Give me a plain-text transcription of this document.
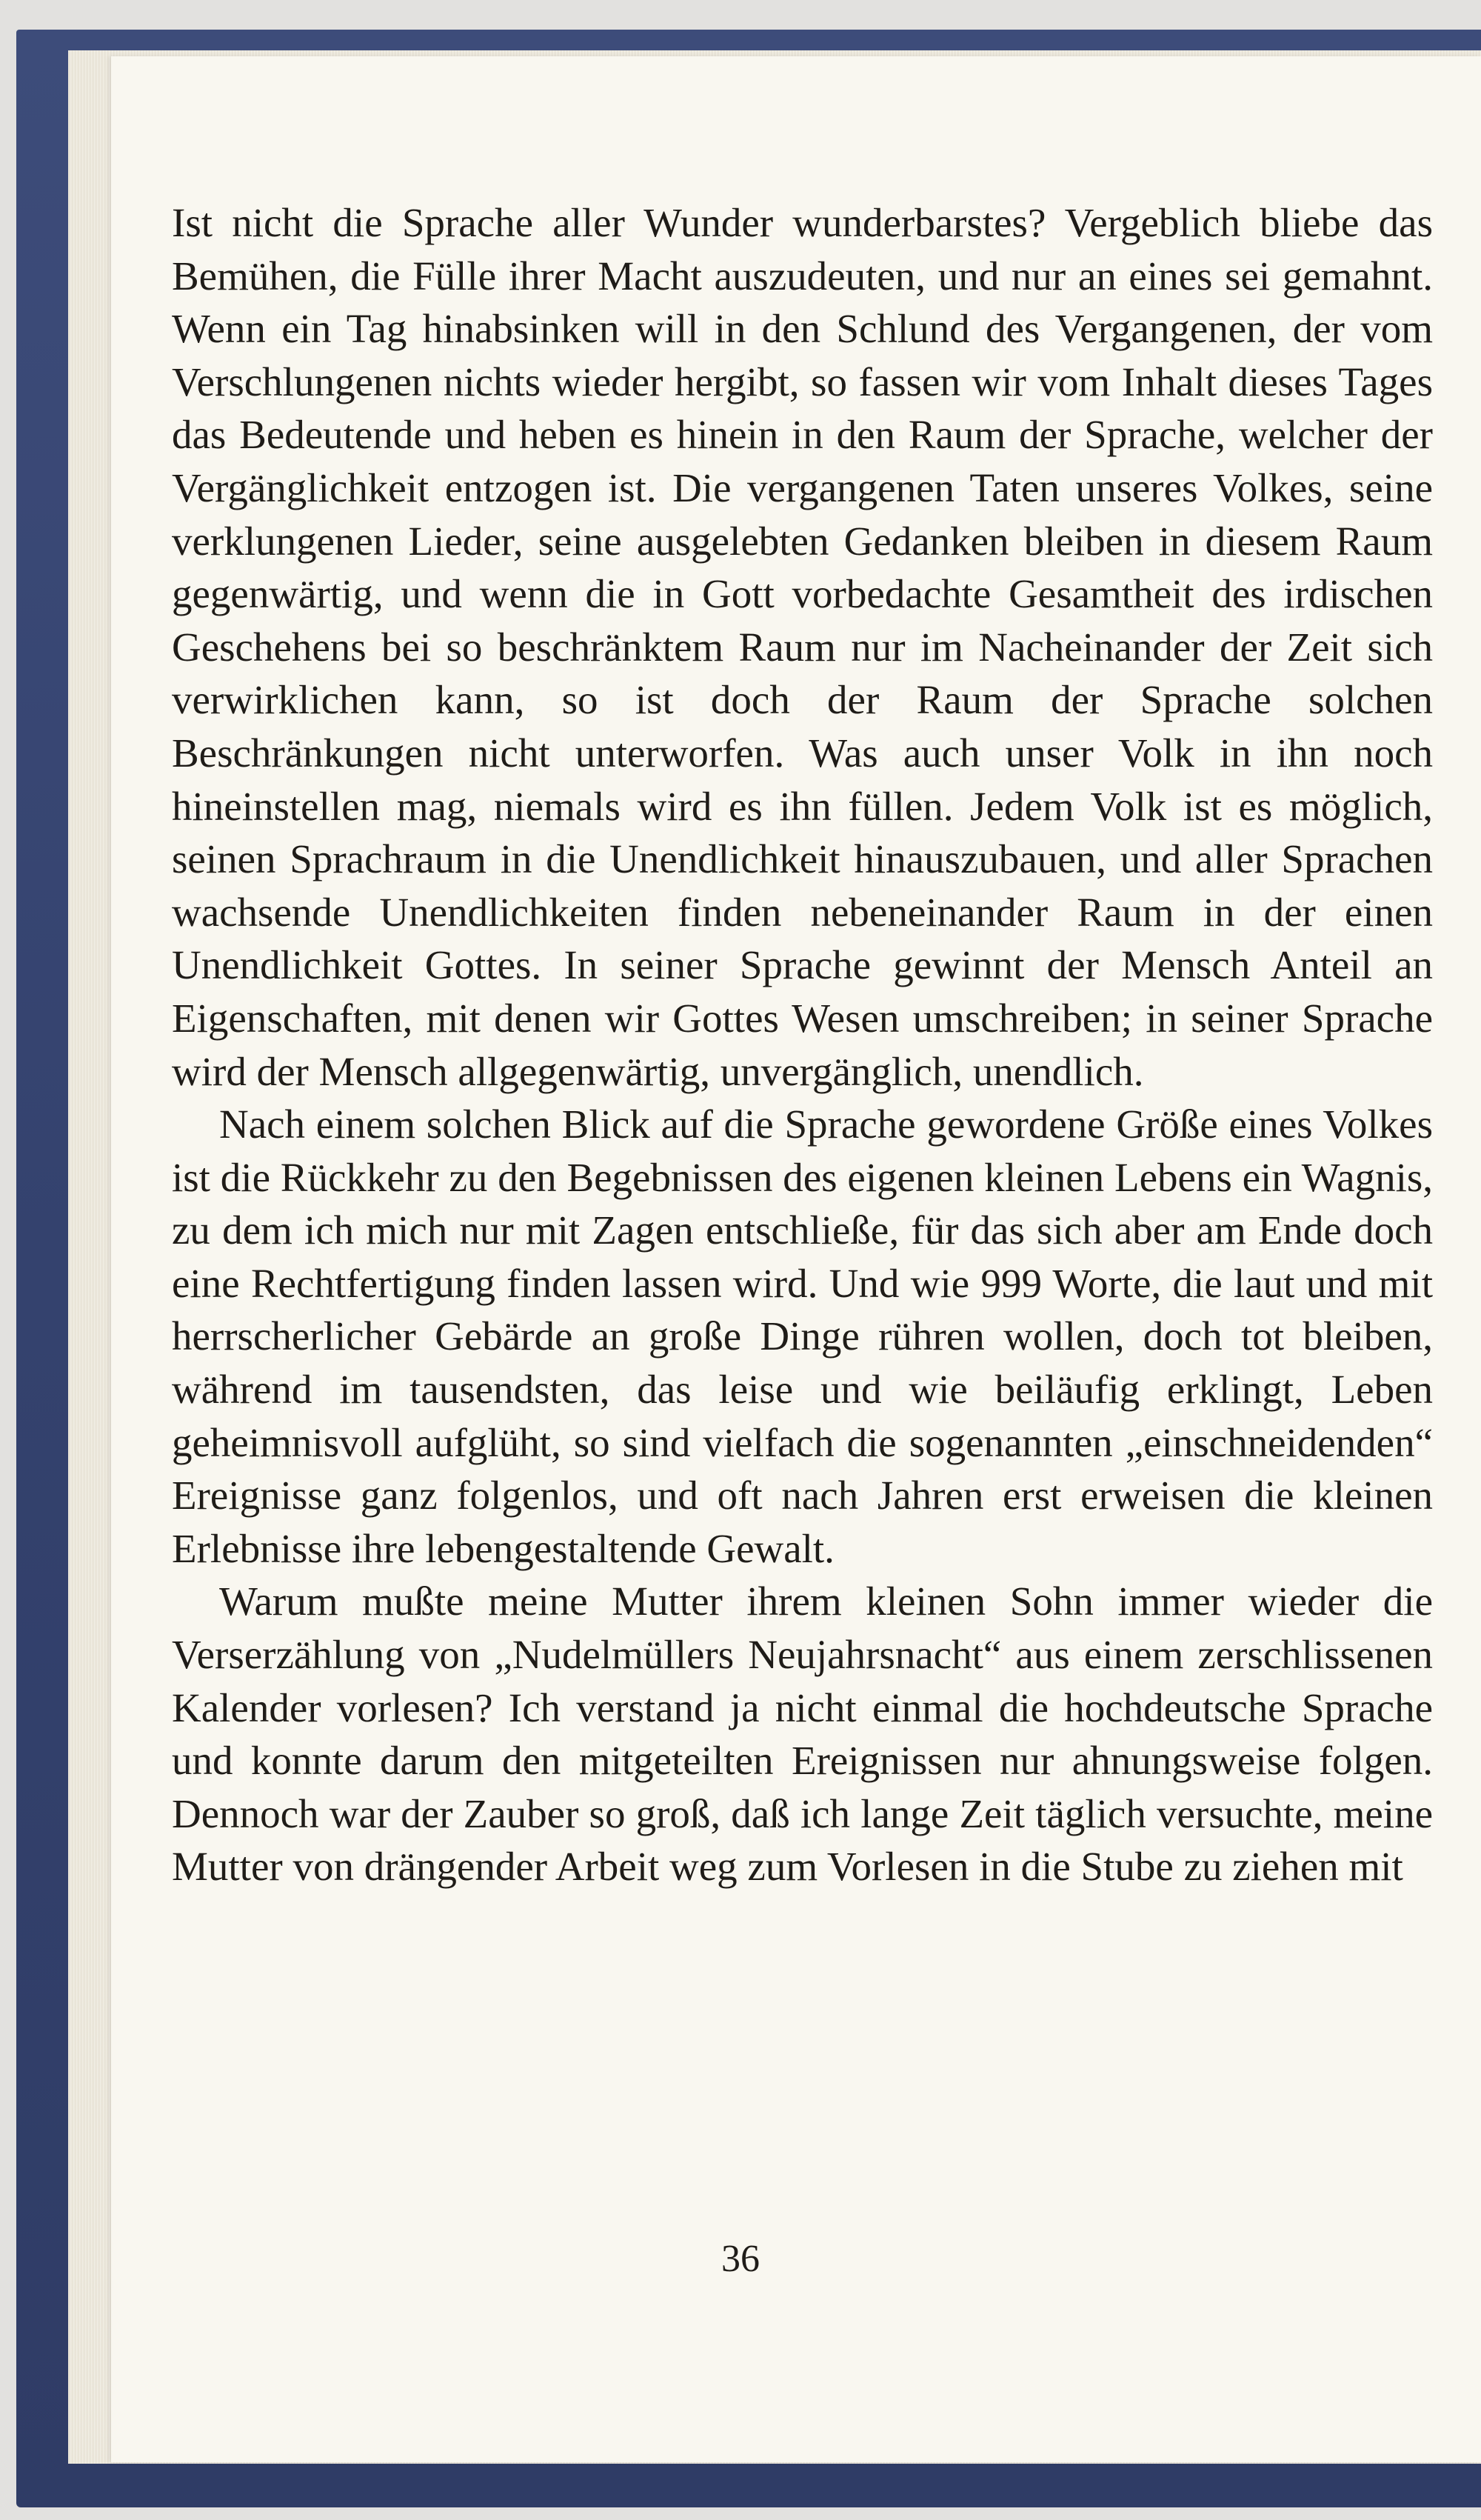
Ist nicht die Sprache aller Wunder wunderbarstes? Vergeblich bliebe das Bemühen, die Fülle ihrer Macht auszudeuten, und nur an eines sei gemahnt. Wenn ein Tag hinabsinken will in den Schlund des Vergangenen, der vom Verschlungenen nichts wieder hergibt, so fassen wir vom Inhalt dieses Tages das Bedeutende und heben es hinein in den Raum der Sprache, welcher der Vergänglichkeit entzogen ist. Die vergangenen Taten unseres Volkes, seine verklungenen Lieder, seine ausgelebten Gedanken bleiben in diesem Raum gegenwärtig, und wenn die in Gott vorbedachte Gesamtheit des irdischen Geschehens bei so beschränktem Raum nur im Nacheinander der Zeit sich verwirklichen kann, so ist doch der Raum der Sprache solchen Beschränkungen nicht unterworfen. Was auch unser Volk in ihn noch hineinstellen mag, niemals wird es ihn füllen. Jedem Volk ist es möglich, seinen Sprachraum in die Unendlichkeit hinauszubauen, und aller Sprachen wachsende Unendlichkeiten finden nebeneinander Raum in der einen Unendlichkeit Gottes. In seiner Sprache gewinnt der Mensch Anteil an Eigenschaften, mit denen wir Gottes Wesen umschreiben; in seiner Sprache wird der Mensch allgegenwärtig, unvergänglich, unendlich.

Nach einem solchen Blick auf die Sprache gewordene Größe eines Volkes ist die Rückkehr zu den Begebnissen des eigenen kleinen Lebens ein Wagnis, zu dem ich mich nur mit Zagen entschließe, für das sich aber am Ende doch eine Rechtfertigung finden lassen wird. Und wie 999 Worte, die laut und mit herrscherlicher Gebärde an große Dinge rühren wollen, doch tot bleiben, während im tausendsten, das leise und wie beiläufig erklingt, Leben geheimnisvoll aufglüht, so sind vielfach die sogenannten „einschneidenden“ Ereignisse ganz folgenlos, und oft nach Jahren erst erweisen die kleinen Erlebnisse ihre lebengestaltende Gewalt.

Warum mußte meine Mutter ihrem kleinen Sohn immer wieder die Verserzählung von „Nudelmüllers Neujahrsnacht“ aus einem zerschlissenen Kalender vorlesen? Ich verstand ja nicht einmal die hochdeutsche Sprache und konnte darum den mitgeteilten Ereignissen nur ahnungsweise folgen. Dennoch war der Zauber so groß, daß ich lange Zeit täglich versuchte, meine Mutter von drängender Arbeit weg zum Vorlesen in die Stube zu ziehen mit

36
